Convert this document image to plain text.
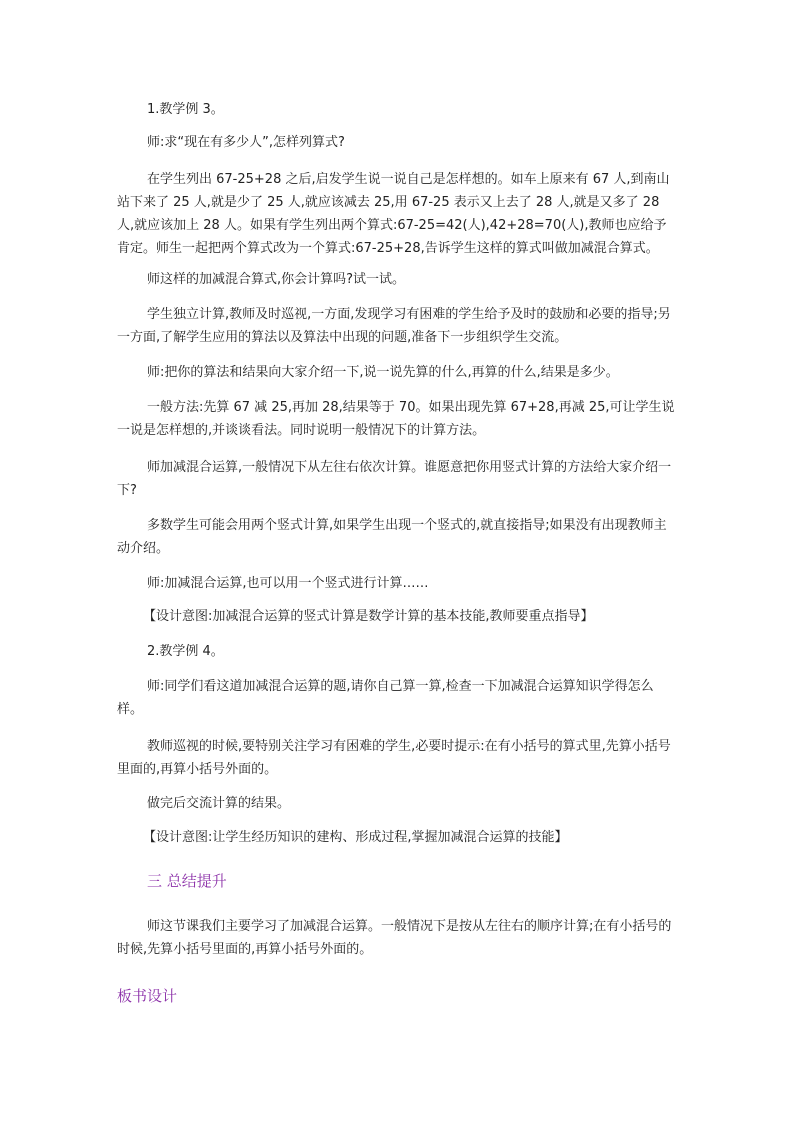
1.教学例 3。

师:求“现在有多少人”,怎样列算式?

在学生列出 67-25+28 之后,启发学生说一说自己是怎样想的。如车上原来有 67 人,到南山站下来了 25 人,就是少了 25 人,就应该减去 25,用 67-25 表示又上去了 28 人,就是又多了 28 人,就应该加上 28 人。如果有学生列出两个算式:67-25=42(人),42+28=70(人),教师也应给予肯定。师生一起把两个算式改为一个算式:67-25+28,告诉学生这样的算式叫做加减混合算式。

师这样的加减混合算式,你会计算吗?试一试。

学生独立计算,教师及时巡视,一方面,发现学习有困难的学生给予及时的鼓励和必要的指导;另一方面,了解学生应用的算法以及算法中出现的问题,准备下一步组织学生交流。

师:把你的算法和结果向大家介绍一下,说一说先算的什么,再算的什么,结果是多少。

一般方法:先算 67 减 25,再加 28,结果等于 70。如果出现先算 67+28,再减 25,可让学生说一说是怎样想的,并谈谈看法。同时说明一般情况下的计算方法。

师加减混合运算,一般情况下从左往右依次计算。谁愿意把你用竖式计算的方法给大家介绍一下?

多数学生可能会用两个竖式计算,如果学生出现一个竖式的,就直接指导;如果没有出现教师主动介绍。

师:加减混合运算,也可以用一个竖式进行计算……

【设计意图:加减混合运算的竖式计算是数学计算的基本技能,教师要重点指导】

2.教学例 4。

师:同学们看这道加减混合运算的题,请你自己算一算,检查一下加减混合运算知识学得怎么样。

教师巡视的时候,要特别关注学习有困难的学生,必要时提示:在有小括号的算式里,先算小括号里面的,再算小括号外面的。

做完后交流计算的结果。

【设计意图:让学生经历知识的建构、形成过程,掌握加减混合运算的技能】

三 总结提升

师这节课我们主要学习了加减混合运算。一般情况下是按从左往右的顺序计算;在有小括号的时候,先算小括号里面的,再算小括号外面的。

板书设计
